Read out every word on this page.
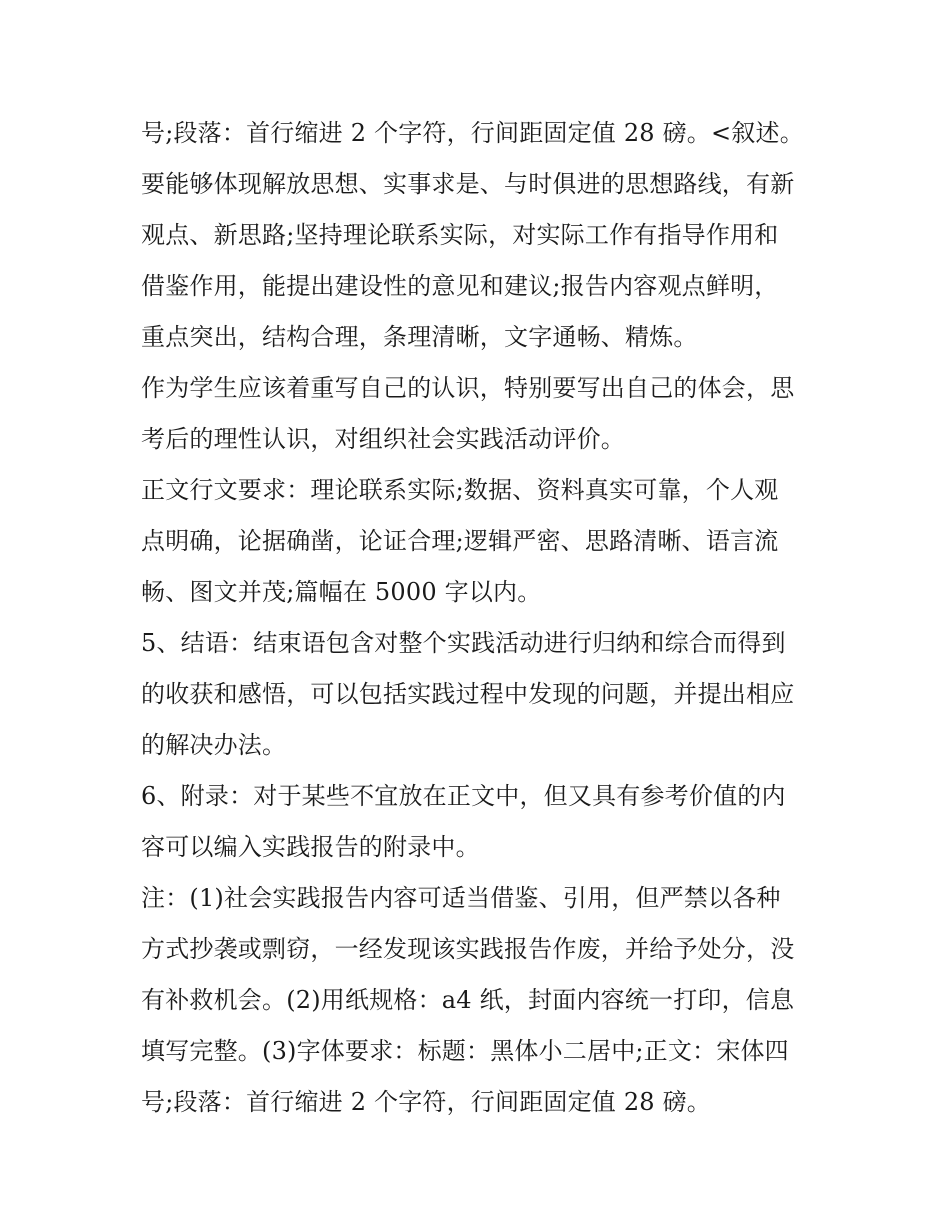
号;段落：首行缩进 2 个字符，行间距固定值 28 磅。<叙述。
要能够体现解放思想、实事求是、与时俱进的思想路线，有新
观点、新思路;坚持理论联系实际，对实际工作有指导作用和
借鉴作用，能提出建设性的意见和建议;报告内容观点鲜明，
重点突出，结构合理，条理清晰，文字通畅、精炼。
作为学生应该着重写自己的认识，特别要写出自己的体会，思
考后的理性认识，对组织社会实践活动评价。
正文行文要求：理论联系实际;数据、资料真实可靠，个人观
点明确，论据确凿，论证合理;逻辑严密、思路清晰、语言流
畅、图文并茂;篇幅在 5000 字以内。
5、结语：结束语包含对整个实践活动进行归纳和综合而得到
的收获和感悟，可以包括实践过程中发现的问题，并提出相应
的解决办法。
6、附录：对于某些不宜放在正文中，但又具有参考价值的内
容可以编入实践报告的附录中。
注：(1)社会实践报告内容可适当借鉴、引用，但严禁以各种
方式抄袭或剽窃，一经发现该实践报告作废，并给予处分，没
有补救机会。(2)用纸规格：a4 纸，封面内容统一打印，信息
填写完整。(3)字体要求：标题：黑体小二居中;正文：宋体四
号;段落：首行缩进 2 个字符，行间距固定值 28 磅。
